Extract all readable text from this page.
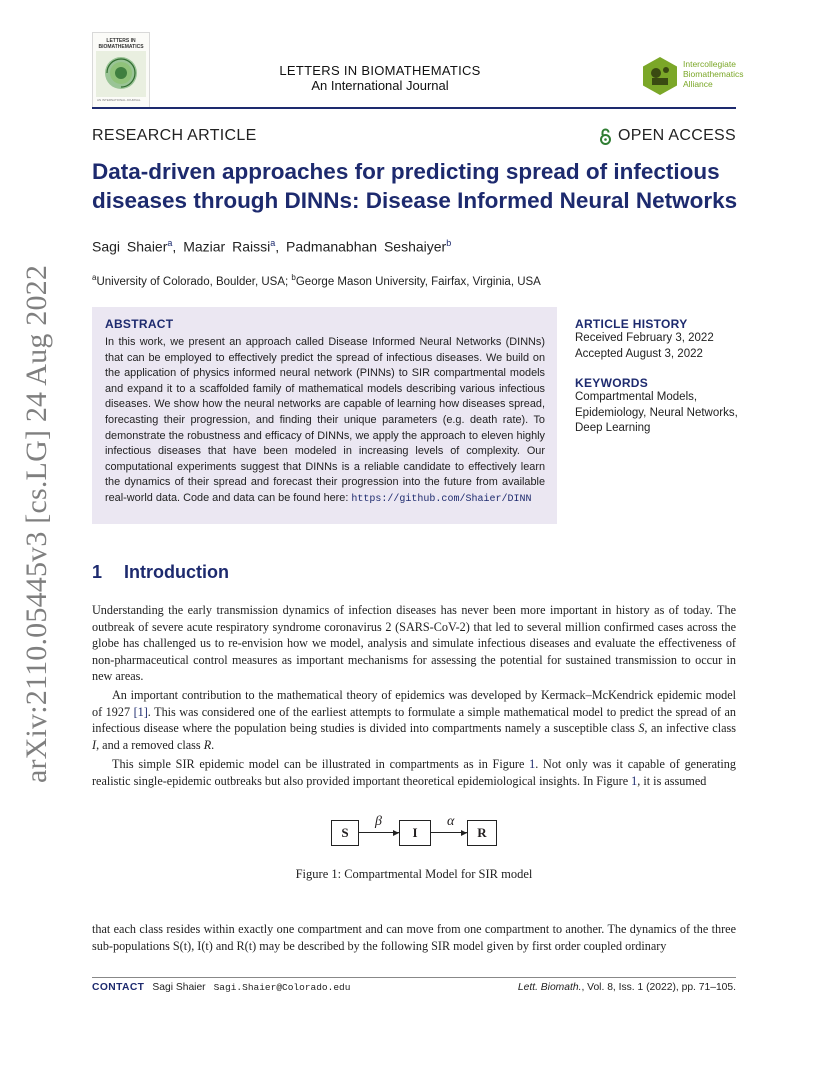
arXiv:2110.05445v3 [cs.LG] 24 Aug 2022
LETTERS IN BIOMATHEMATICS
AN INTERNATIONAL JOURNAL
LETTERS IN BIOMATHEMATICS
An International Journal
Intercollegiate
Biomathematics
Alliance
RESEARCH ARTICLE	OPEN ACCESS
Data-driven approaches for predicting spread of infectious diseases through DINNs: Disease Informed Neural Networks
Sagi Shaier$^a$, Maziar Raissi$^a$, Padmanabhan Seshaiyer$^b$
$^a$University of Colorado, Boulder, USA; $^b$George Mason University, Fairfax, Virginia, USA
ABSTRACT

In this work, we present an approach called Disease Informed Neural Networks (DINNs) that can be employed to effectively predict the spread of infectious diseases. We build on the application of physics informed neural network (PINNs) to SIR compartmental models and expand it to a scaffolded family of mathematical models describing various infectious diseases. We show how the neural networks are capable of learning how diseases spread, forecasting their progression, and finding their unique parameters (e.g. death rate). To demonstrate the robustness and efficacy of DINNs, we apply the approach to eleven highly infectious diseases that have been modeled in increasing levels of complexity. Our computational experiments suggest that DINNs is a reliable candidate to effectively learn the dynamics of their spread and forecast their progression into the future from available real-world data. Code and data can be found here: https://github.com/Shaier/DINN

ARTICLE HISTORY
Received February 3, 2022
Accepted August 3, 2022
KEYWORDS
Compartmental Models, Epidemiology, Neural Networks, Deep Learning
1 Introduction

Understanding the early transmission dynamics of infection diseases has never been more important in history as of today. The outbreak of severe acute respiratory syndrome coronavirus 2 (SARS-CoV-2) that led to several million confirmed cases across the globe has challenged us to re-envision how we model, analysis and simulate infectious diseases and evaluate the effectiveness of non-pharmaceutical control measures as important mechanisms for assessing the potential for sustained transmission to occur in new areas.

An important contribution to the mathematical theory of epidemics was developed by Kermack–McKendrick epidemic model of 1927 [1]. This was considered one of the earliest attempts to formulate a simple mathematical model to predict the spread of an infectious disease where the population being studies is divided into compartments namely a susceptible class S, an infective class I, and a removed class R.

This simple SIR epidemic model can be illustrated in compartments as in Figure 1. Not only was it capable of generating realistic single-epidemic outbreaks but also provided important theoretical epidemiological insights. In Figure 1, it is assumed

S
β
I
α
R
Figure 1: Compartmental Model for SIR model

that each class resides within exactly one compartment and can move from one compartment to another. The dynamics of the three sub-populations S(t), I(t) and R(t) may be described by the following SIR model given by first order coupled ordinary

CONTACT Sagi Shaier Sagi.Shaier@Colorado.edu	Lett. Biomath., Vol. 8, Iss. 1 (2022), pp. 71–105.
